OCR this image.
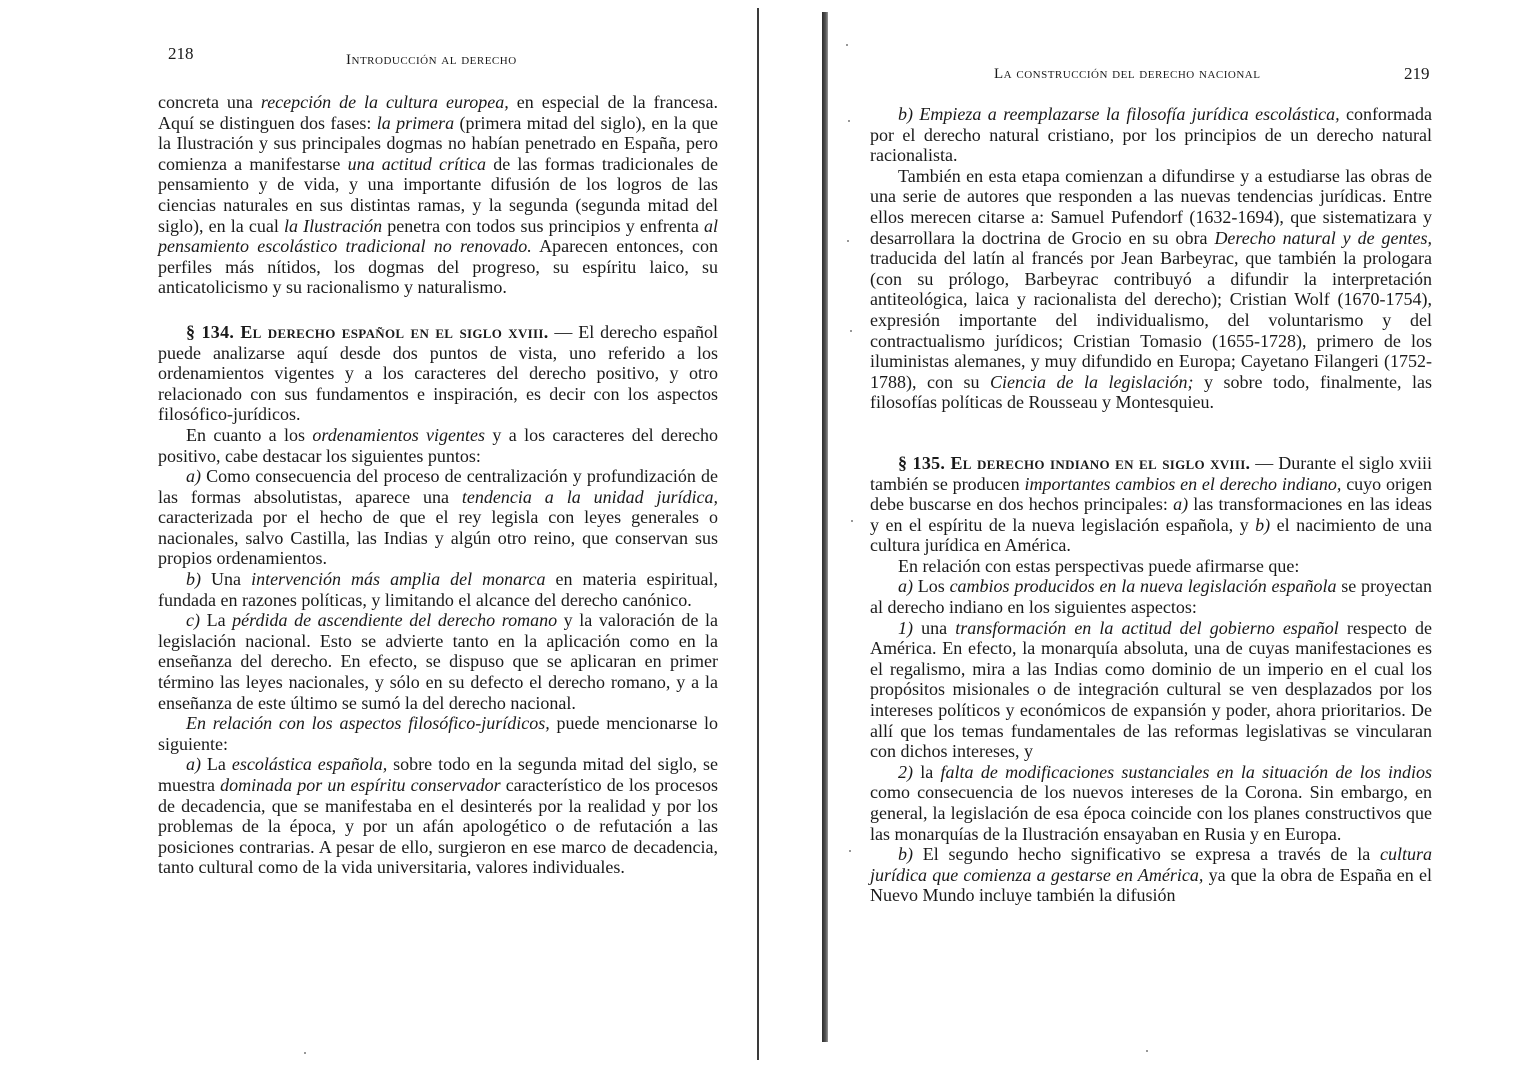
218	Introducción al derecho

concreta una recepción de la cultura europea, en especial de la francesa. Aquí se distinguen dos fases: la primera (primera mitad del siglo), en la que la Ilustración y sus principales dogmas no habían penetrado en España, pero comienza a manifestarse una actitud crítica de las formas tradicionales de pensamiento y de vida, y una importante difusión de los logros de las ciencias naturales en sus distintas ramas, y la segunda (segunda mitad del siglo), en la cual la Ilustración penetra con todos sus principios y enfrenta al pensamiento escolástico tradicional no renovado. Aparecen entonces, con perfiles más nítidos, los dogmas del progreso, su espíritu laico, su anticatolicismo y su racionalismo y naturalismo.

§ 134. El derecho español en el siglo xviii. — El derecho español puede analizarse aquí desde dos puntos de vista, uno referido a los ordenamientos vigentes y a los caracteres del derecho positivo, y otro relacionado con sus fundamentos e inspiración, es decir con los aspectos filosófico-jurídicos.

En cuanto a los ordenamientos vigentes y a los caracteres del derecho positivo, cabe destacar los siguientes puntos:

a) Como consecuencia del proceso de centralización y profundización de las formas absolutistas, aparece una tendencia a la unidad jurídica, caracterizada por el hecho de que el rey legisla con leyes generales o nacionales, salvo Castilla, las Indias y algún otro reino, que conservan sus propios ordenamientos.

b) Una intervención más amplia del monarca en materia espiritual, fundada en razones políticas, y limitando el alcance del derecho canónico.

c) La pérdida de ascendiente del derecho romano y la valoración de la legislación nacional. Esto se advierte tanto en la aplicación como en la enseñanza del derecho. En efecto, se dispuso que se aplicaran en primer término las leyes nacionales, y sólo en su defecto el derecho romano, y a la enseñanza de este último se sumó la del derecho nacional.

En relación con los aspectos filosófico-jurídicos, puede mencionarse lo siguiente:

a) La escolástica española, sobre todo en la segunda mitad del siglo, se muestra dominada por un espíritu conservador característico de los procesos de decadencia, que se manifestaba en el desinterés por la realidad y por los problemas de la época, y por un afán apologético o de refutación a las posiciones contrarias. A pesar de ello, surgieron en ese marco de decadencia, tanto cultural como de la vida universitaria, valores individuales.

La construcción del derecho nacional	219

b) Empieza a reemplazarse la filosofía jurídica escolástica, conformada por el derecho natural cristiano, por los principios de un derecho natural racionalista.

También en esta etapa comienzan a difundirse y a estudiarse las obras de una serie de autores que responden a las nuevas tendencias jurídicas. Entre ellos merecen citarse a: Samuel Pufendorf (1632-1694), que sistematizara y desarrollara la doctrina de Grocio en su obra Derecho natural y de gentes, traducida del latín al francés por Jean Barbeyrac, que también la prologara (con su prólogo, Barbeyrac contribuyó a difundir la interpretación antiteológica, laica y racionalista del derecho); Cristian Wolf (1670-1754), expresión importante del individualismo, del voluntarismo y del contractualismo jurídicos; Cristian Tomasio (1655-1728), primero de los iluministas alemanes, y muy difundido en Europa; Cayetano Filangeri (1752-1788), con su Ciencia de la legislación; y sobre todo, finalmente, las filosofías políticas de Rousseau y Montesquieu.

§ 135. El derecho indiano en el siglo xviii. — Durante el siglo xviii también se producen importantes cambios en el derecho indiano, cuyo origen debe buscarse en dos hechos principales: a) las transformaciones en las ideas y en el espíritu de la nueva legislación española, y b) el nacimiento de una cultura jurídica en América.

En relación con estas perspectivas puede afirmarse que:

a) Los cambios producidos en la nueva legislación española se proyectan al derecho indiano en los siguientes aspectos:

1) una transformación en la actitud del gobierno español respecto de América. En efecto, la monarquía absoluta, una de cuyas manifestaciones es el regalismo, mira a las Indias como dominio de un imperio en el cual los propósitos misionales o de integración cultural se ven desplazados por los intereses políticos y económicos de expansión y poder, ahora prioritarios. De allí que los temas fundamentales de las reformas legislativas se vincularan con dichos intereses, y

2) la falta de modificaciones sustanciales en la situación de los indios como consecuencia de los nuevos intereses de la Corona. Sin embargo, en general, la legislación de esa época coincide con los planes constructivos que las monarquías de la Ilustración ensayaban en Rusia y en Europa.

b) El segundo hecho significativo se expresa a través de la cultura jurídica que comienza a gestarse en América, ya que la obra de España en el Nuevo Mundo incluye también la difusión
